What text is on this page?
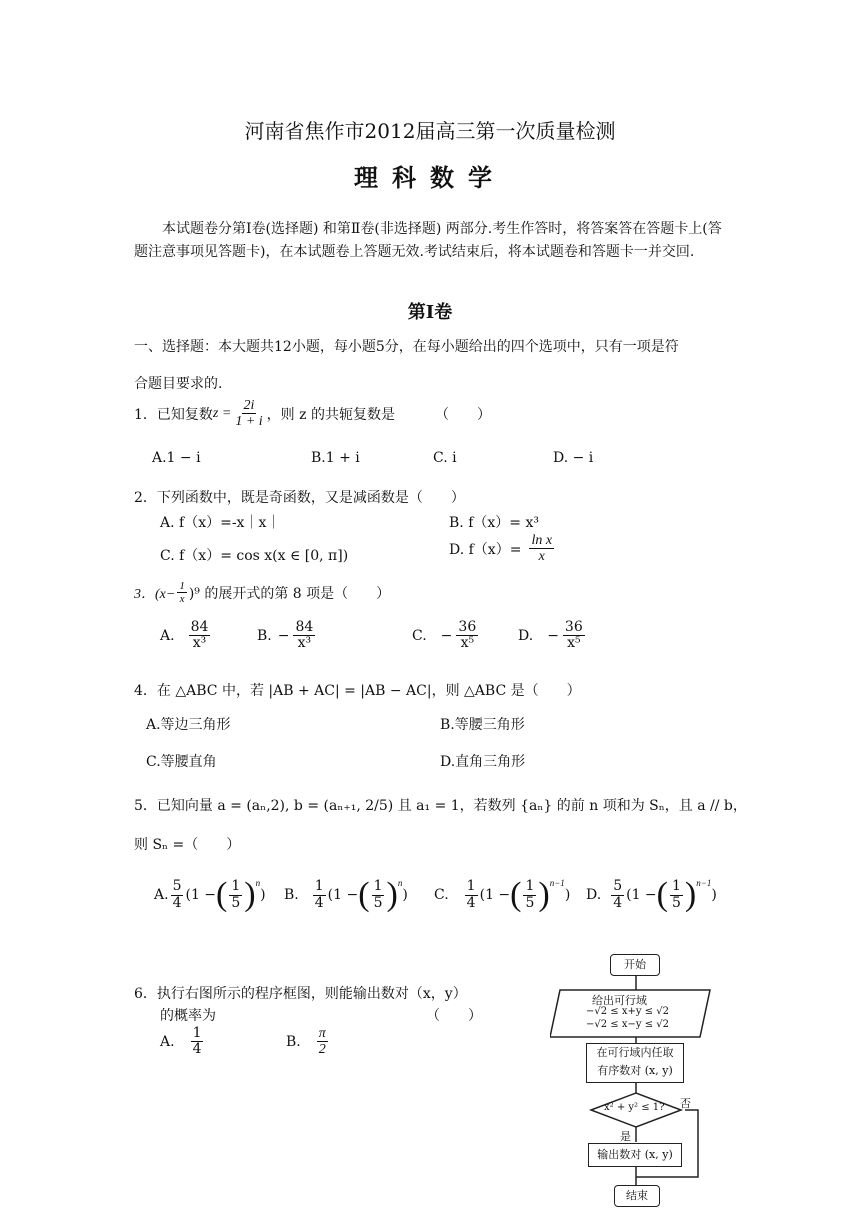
河南省焦作市2012届高三第一次质量检测
理科数学
本试题卷分第Ⅰ卷(选择题) 和第Ⅱ卷(非选择题) 两部分.考生作答时，将答案答在答题卡上(答题注意事项见答题卡)，在本试题卷上答题无效.考试结束后，将本试题卷和答题卡一并交回.
第Ⅰ卷
一、选择题：本大题共12小题，每小题5分，在每小题给出的四个选项中，只有一项是符
合题目要求的.
1．已知复数 $z = \frac{2i}{1 + i}$ ，则 z 的共轭复数是	（　　）
A.1 − i	B.1 + i	C. i	D. − i
2．下列函数中，既是奇函数，又是减函数是（　　）
A. f（x）=-x｜x｜	B. f（x）= x³
C. f（x）= cos x(x ∈ [0, π])	D. $f(x)= \frac{\text{ln x}}{x}$
3．$(x- \frac{1}{x} )^9$ 的展开式的第 8 项是（　　）
A. $\frac{84}{\text{x³}}$	B. − $\frac{84}{\text{x³}}$	C. − $\frac{36}{\text{x⁵}}$	D. − $\frac{36}{\text{x⁵}}$
4．在 △ABC 中，若 |AB + AC| = |AB − AC|，则 △ABC 是（　　）
A.等边三角形	B.等腰三角形
C.等腰直角	D.直角三角形
5．已知向量 a = (aₙ,2), b = (aₙ₊₁, 2/5) 且 a₁ = 1，若数列 {aₙ} 的前 n 项和为 Sₙ，且 a // b，
则 Sₙ =（　　）
A. $\frac{5}{4}$ ( 1 − ( $\frac{1}{5} )^n$
) B. $\frac{1}{4}$ ( 1 − ( $\frac{1}{5} )^n$
) C. $\frac{1}{4}$ ( 1 − ( $\frac{1}{5} )^{n-1}$
) D. $\frac{5}{4}$ ( 1 − ( $\frac{1}{5} )^{n-1}$
)
6．执行右图所示的程序框图，则能输出数对（x，y）
的概率为	（　　）
A. $\frac{1}{4}$	B. $\frac{\pi}{2}$
开始
给出可行域
−√2 ≤ x+y ≤ √2
−√2 ≤ x−y ≤ √2
在可行域内任取
有序数对 (x, y)
x² + y² ≤ 1? 否
是
输出数对 (x, y)
结束
